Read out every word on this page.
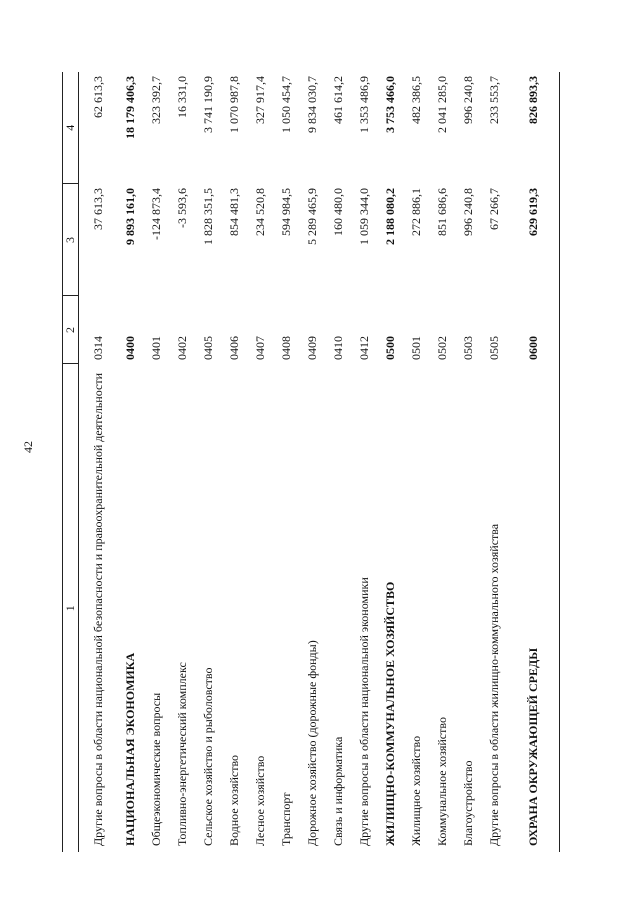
42
1	2	3	4
Другие вопросы в области национальной безопасности и правоохранительной деятельности	0314	37 613,3	62 613,3
НАЦИОНАЛЬНАЯ ЭКОНОМИКА	0400	9 893 161,0	18 179 406,3
Общеэкономические вопросы	0401	-124 873,4	323 392,7
Топливно-энергетический комплекс	0402	-3 593,6	16 331,0
Сельское хозяйство и рыболовство	0405	1 828 351,5	3 741 190,9
Водное хозяйство	0406	854 481,3	1 070 987,8
Лесное хозяйство	0407	234 520,8	327 917,4
Транспорт	0408	594 984,5	1 050 454,7
Дорожное хозяйство (дорожные фонды)	0409	5 289 465,9	9 834 030,7
Связь и информатика	0410	160 480,0	461 614,2
Другие вопросы в области национальной экономики	0412	1 059 344,0	1 353 486,9
ЖИЛИЩНО-КОММУНАЛЬНОЕ ХОЗЯЙСТВО	0500	2 188 080,2	3 753 466,0
Жилищное хозяйство	0501	272 886,1	482 386,5
Коммунальное хозяйство	0502	851 686,6	2 041 285,0
Благоустройство	0503	996 240,8	996 240,8
Другие вопросы в области жилищно-коммунального хозяйства	0505	67 266,7	233 553,7
ОХРАНА ОКРУЖАЮЩЕЙ СРЕДЫ	0600	629 619,3	826 893,3
